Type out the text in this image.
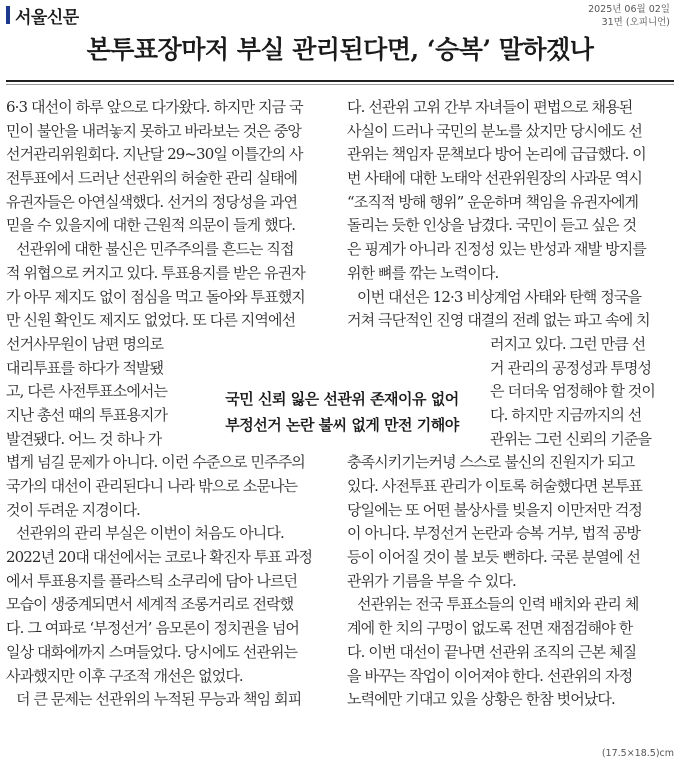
서울신문	2025년 06월 02일
31면 (오피니언)
본투표장마저 부실 관리된다면, ‘승복’ 말하겠나
6·3 대선이 하루 앞으로 다가왔다. 하지만 지금 국
민이 불안을 내려놓지 못하고 바라보는 것은 중앙
선거관리위원회다. 지난달 29~30일 이틀간의 사
전투표에서 드러난 선관위의 허술한 관리 실태에
유권자들은 아연실색했다. 선거의 정당성을 과연
믿을 수 있을지에 대한 근원적 의문이 들게 했다.
선관위에 대한 불신은 민주주의를 흔드는 직접
적 위협으로 커지고 있다. 투표용지를 받은 유권자
가 아무 제지도 없이 점심을 먹고 돌아와 투표했지
만 신원 확인도 제지도 없었다. 또 다른 지역에선
선거사무원이 남편 명의로
대리투표를 하다가 적발됐
고, 다른 사전투표소에서는
지난 총선 때의 투표용지가
발견됐다. 어느 것 하나 가
볍게 넘길 문제가 아니다. 이런 수준으로 민주주의
국가의 대선이 관리된다니 나라 밖으로 소문나는
것이 두려운 지경이다.
선관위의 관리 부실은 이번이 처음도 아니다.
2022년 20대 대선에서는 코로나 확진자 투표 과정
에서 투표용지를 플라스틱 소쿠리에 담아 나르던
모습이 생중계되면서 세계적 조롱거리로 전락했
다. 그 여파로 ‘부정선거’ 음모론이 정치권을 넘어
일상 대화에까지 스며들었다. 당시에도 선관위는
사과했지만 이후 구조적 개선은 없었다.
더 큰 문제는 선관위의 누적된 무능과 책임 회피
다. 선관위 고위 간부 자녀들이 편법으로 채용된
사실이 드러나 국민의 분노를 샀지만 당시에도 선
관위는 책임자 문책보다 방어 논리에 급급했다. 이
번 사태에 대한 노태악 선관위원장의 사과문 역시
“조직적 방해 행위” 운운하며 책임을 유권자에게
돌리는 듯한 인상을 남겼다. 국민이 듣고 싶은 것
은 핑계가 아니라 진정성 있는 반성과 재발 방지를
위한 뼈를 깎는 노력이다.
이번 대선은 12·3 비상계엄 사태와 탄핵 정국을
거쳐 극단적인 진영 대결의 전례 없는 파고 속에 치
러지고 있다. 그런 만큼 선
거 관리의 공정성과 투명성
은 더더욱 엄정해야 할 것이
다. 하지만 지금까지의 선
관위는 그런 신뢰의 기준을
충족시키기는커녕 스스로 불신의 진원지가 되고
있다. 사전투표 관리가 이토록 허술했다면 본투표
당일에는 또 어떤 불상사를 빚을지 이만저만 걱정
이 아니다. 부정선거 논란과 승복 거부, 법적 공방
등이 이어질 것이 불 보듯 뻔하다. 국론 분열에 선
관위가 기름을 부을 수 있다.
선관위는 전국 투표소들의 인력 배치와 관리 체
계에 한 치의 구멍이 없도록 전면 재점검해야 한
다. 이번 대선이 끝나면 선관위 조직의 근본 체질
을 바꾸는 작업이 이어져야 한다. 선관위의 자정
노력에만 기대고 있을 상황은 한참 벗어났다.
국민 신뢰 잃은 선관위 존재이유 없어
부정선거 논란 불씨 없게 만전 기해야
(17.5×18.5)cm
